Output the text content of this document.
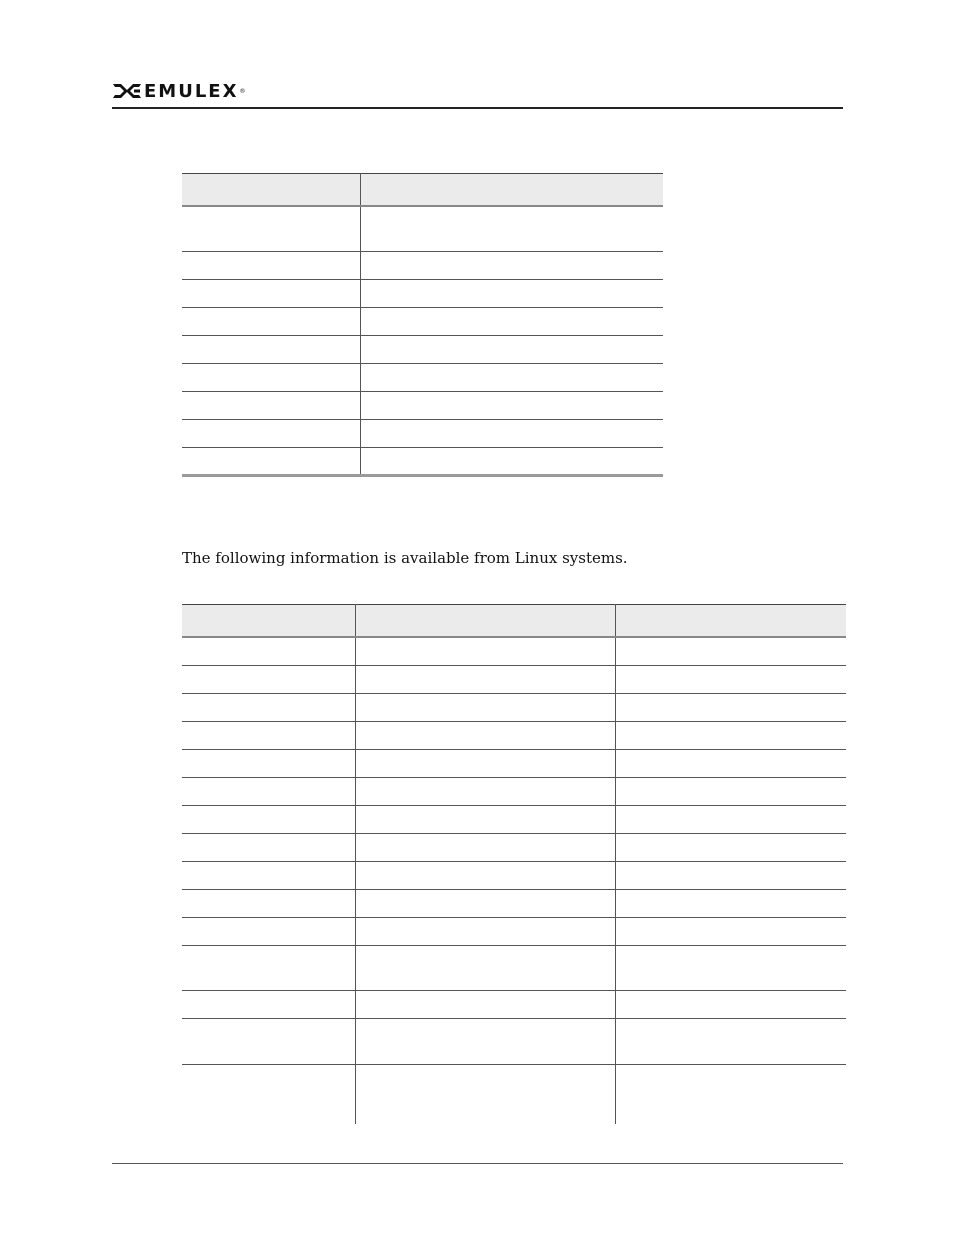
EMULEX ®

The following information is available from Linux systems.
